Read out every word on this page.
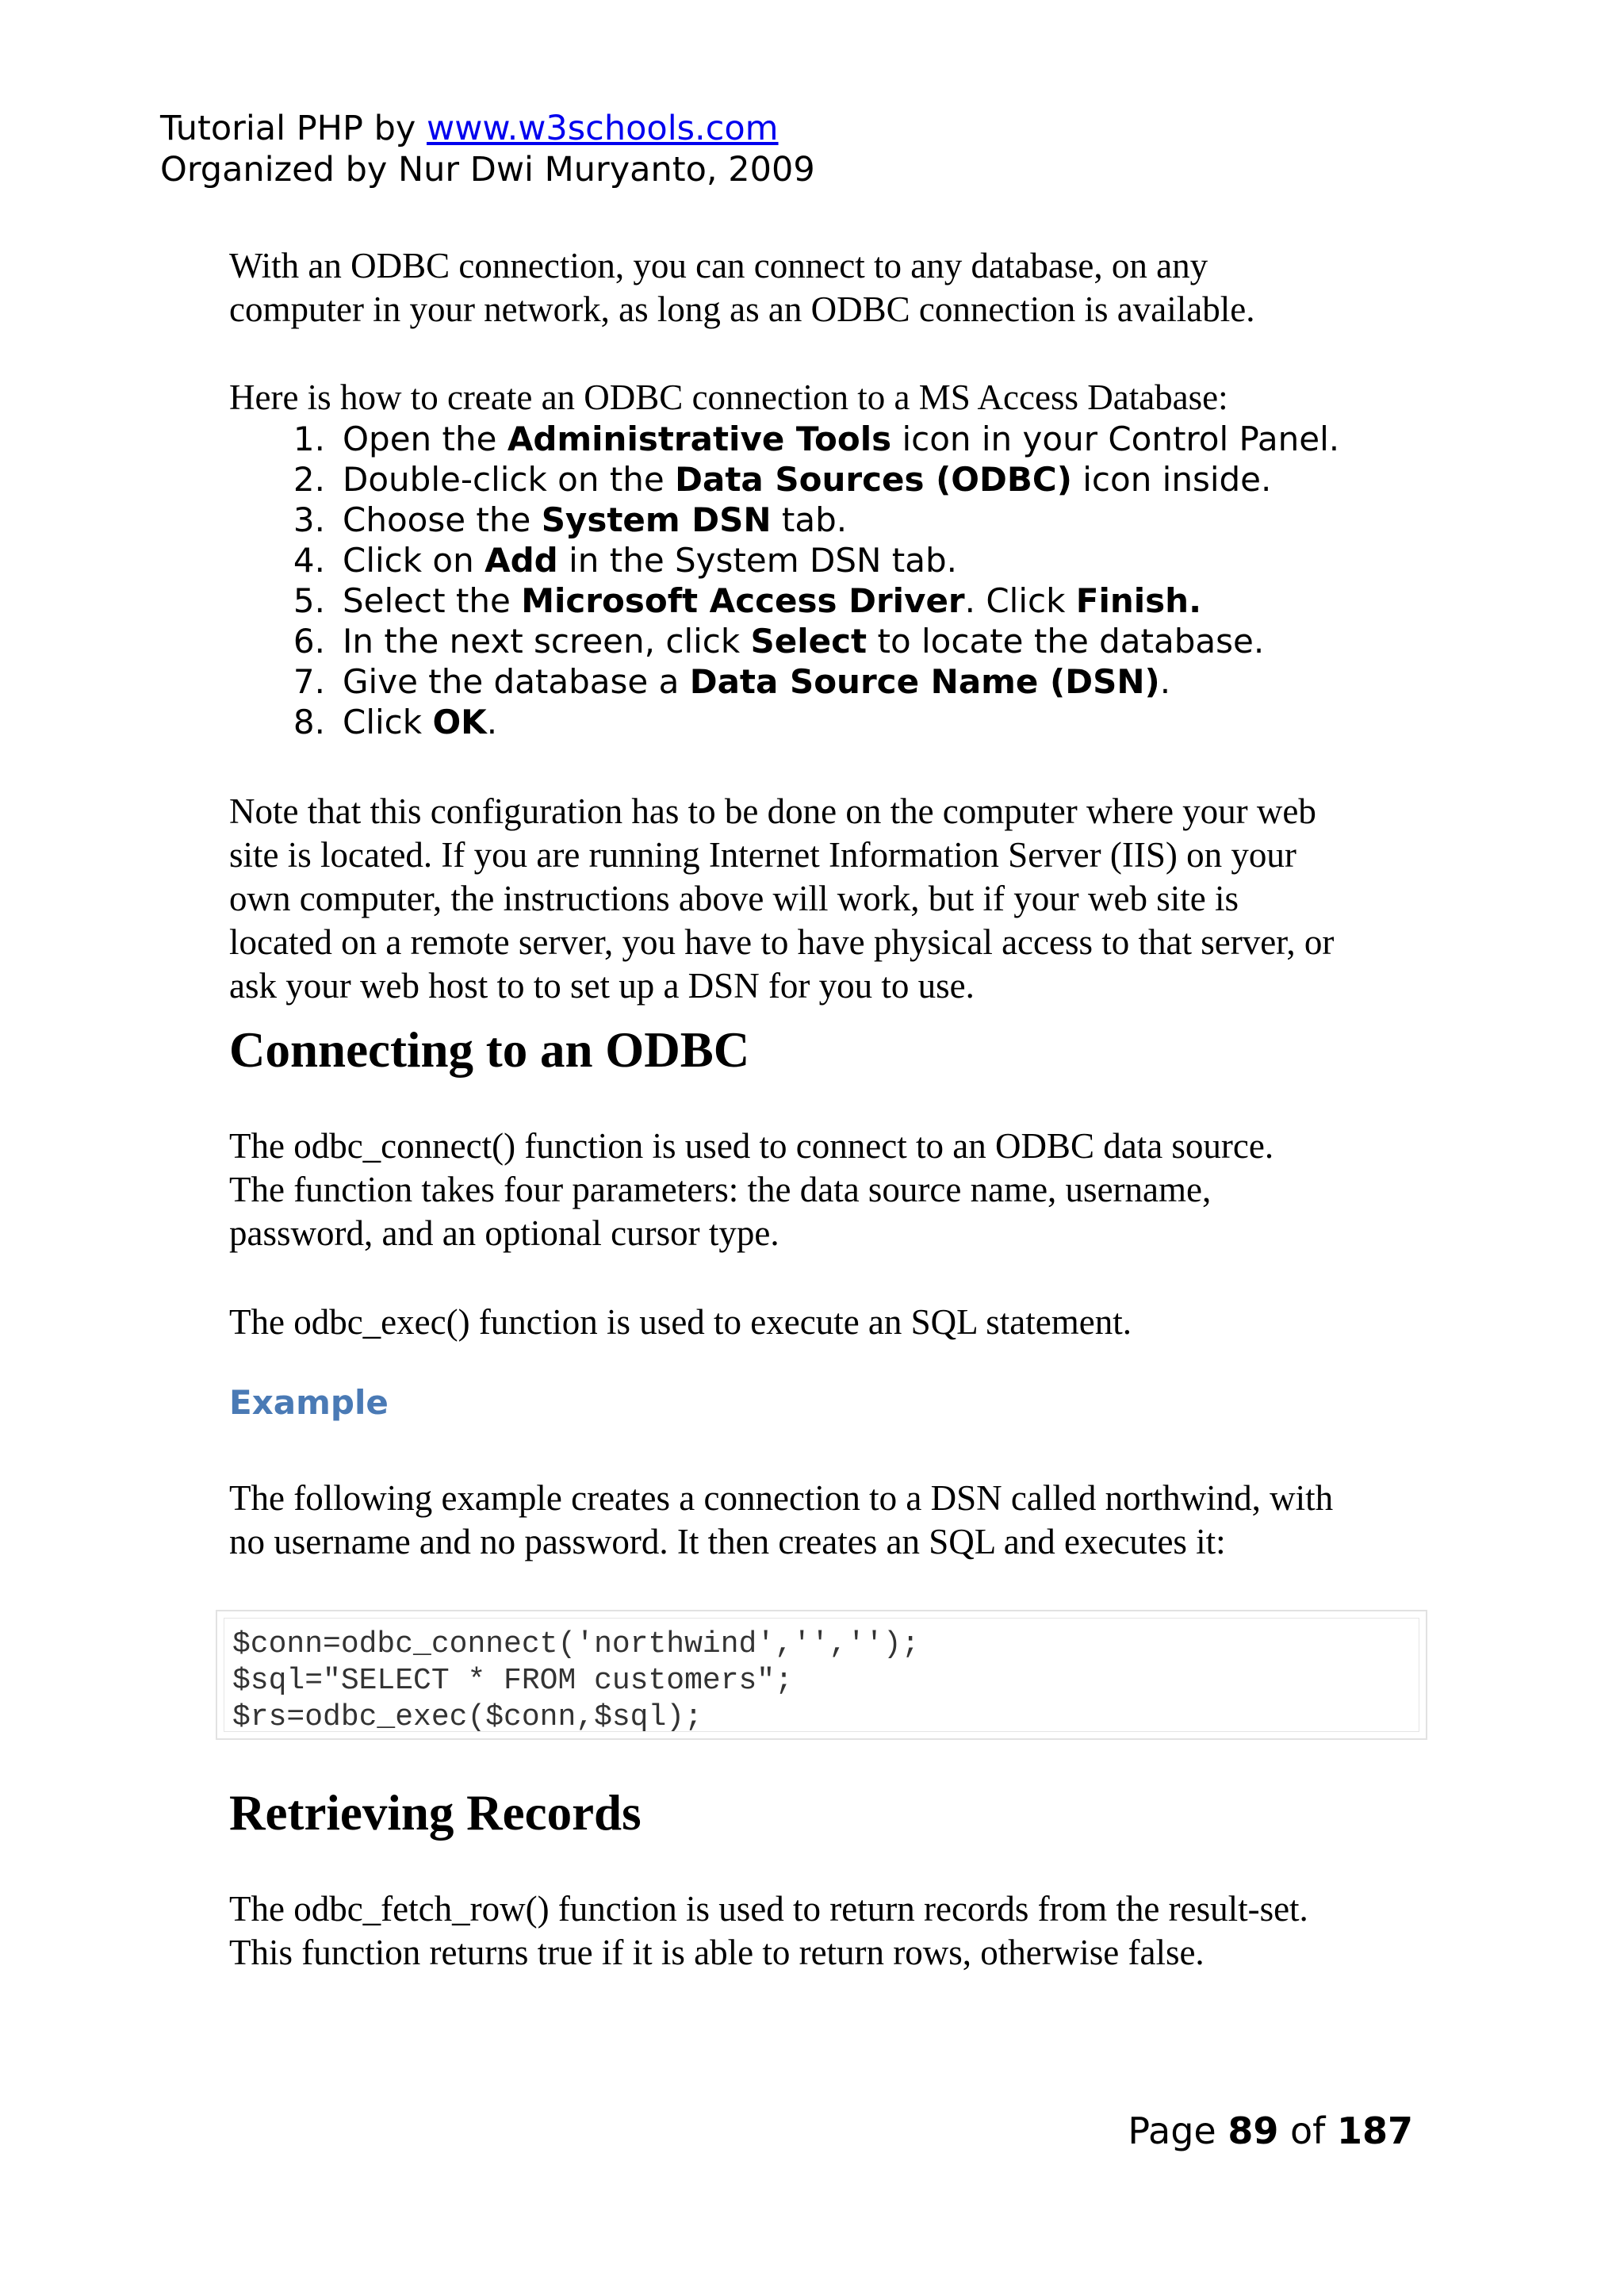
Tutorial PHP by www.w3schools.com
Organized by Nur Dwi Muryanto, 2009

With an ODBC connection, you can connect to any database, on any

computer in your network, as long as an ODBC connection is available.

Here is how to create an ODBC connection to a MS Access Database:

1. Open the Administrative Tools icon in your Control Panel.
2. Double-click on the Data Sources (ODBC) icon inside.
3. Choose the System DSN tab.
4. Click on Add in the System DSN tab.
5. Select the Microsoft Access Driver. Click Finish.
6. In the next screen, click Select to locate the database.
7. Give the database a Data Source Name (DSN).
8. Click OK.

Note that this configuration has to be done on the computer where your web

site is located. If you are running Internet Information Server (IIS) on your

own computer, the instructions above will work, but if your web site is

located on a remote server, you have to have physical access to that server, or

ask your web host to to set up a DSN for you to use.

Connecting to an ODBC

The odbc_connect() function is used to connect to an ODBC data source.

The function takes four parameters: the data source name, username,

password, and an optional cursor type.

The odbc_exec() function is used to execute an SQL statement.

Example

The following example creates a connection to a DSN called northwind, with

no username and no password. It then creates an SQL and executes it:

$conn=odbc_connect('northwind','','');
$sql="SELECT * FROM customers";
$rs=odbc_exec($conn,$sql);
Retrieving Records

The odbc_fetch_row() function is used to return records from the result-set.

This function returns true if it is able to return rows, otherwise false.

Page 89 of 187
